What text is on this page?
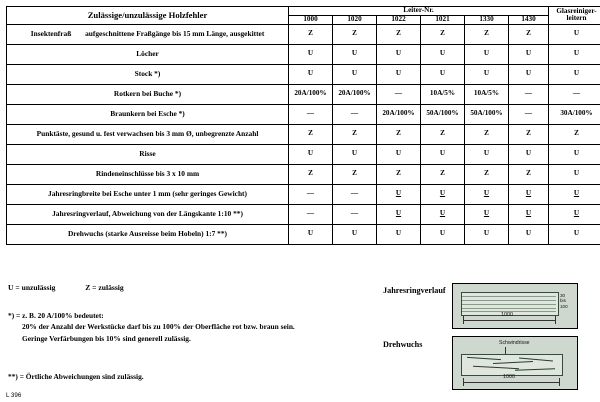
Zulässige/unzulässige Holzfehler	Leiter-Nr.						Glasreiniger-
leitern

	1000	1020	1022	1021	1330	1430	
Insektenfraß aufgeschnittene Fraßgänge bis 15 mm Länge, ausgekittet	Z	Z	Z	Z	Z	Z	U
Löcher	U	U	U	U	U	U	U
Stock *)	U	U	U	U	U	U	U
Rotkern bei Buche *)	20A/100%	20A/100%	—	10A/5%	10A/5%	—	—
Braunkern bei Esche *)	—	—	20A/100%	50A/100%	50A/100%	—	30A/100%
Punktäste, gesund u. fest verwachsen bis 3 mm Ø, unbegrenzte Anzahl	Z	Z	Z	Z	Z	Z	Z
Risse	U	U	U	U	U	U	U
Rindeneinschlüsse bis 3 x 10 mm	Z	Z	Z	Z	Z	Z	U
Jahresringbreite bei Esche unter 1 mm (sehr geringes Gewicht)	—	—	U	U	U	U	U
Jahresringverlauf, Abweichung von der Längskante 1:10 **)	—	—	U	U	U	U	U
Drehwuchs (starke Ausreisse beim Hobeln) 1:7 **)	U	U	U	U	U	U	U
U = unzulässig	Z = zulässig
*) = z. B. 20 A/100% bedeutet:
20% der Anzahl der Werkstücke darf bis zu 100% der Oberfläche rot bzw. braun sein.
Geringe Verfärbungen bis 10% sind generell zulässig.
**) = Örtliche Abweichungen sind zulässig.
Jahresringverlauf
1000
30
bis
100
Drehwuchs	Schwindrisse
1000
L 396
